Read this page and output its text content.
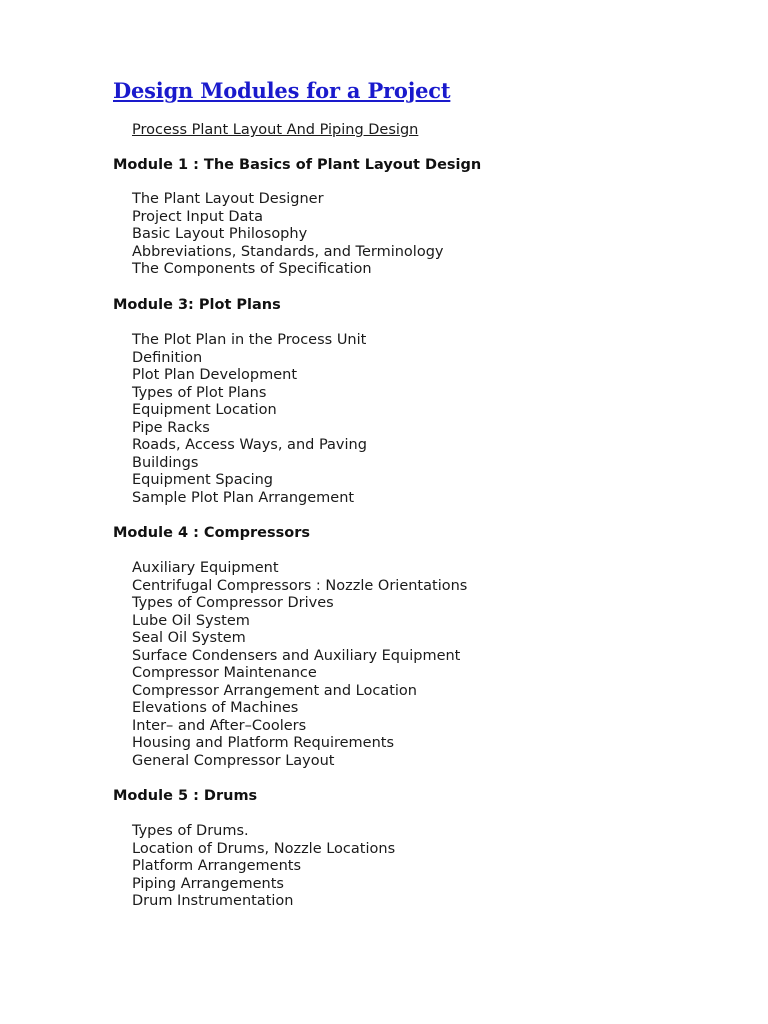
Design Modules for a Project
Process Plant Layout And Piping Design
Module 1 : The Basics of Plant Layout Design
The Plant Layout Designer
Project Input Data
Basic Layout Philosophy
Abbreviations, Standards, and Terminology
The Components of Specification
Module 3: Plot Plans
The Plot Plan in the Process Unit
Definition
Plot Plan Development
Types of Plot Plans
Equipment Location
Pipe Racks
Roads, Access Ways, and Paving
Buildings
Equipment Spacing
Sample Plot Plan Arrangement
Module 4 : Compressors
Auxiliary Equipment
Centrifugal Compressors : Nozzle Orientations
Types of Compressor Drives
Lube Oil System
Seal Oil System
Surface Condensers and Auxiliary Equipment
Compressor Maintenance
Compressor Arrangement and Location
Elevations of Machines
Inter– and After–Coolers
Housing and Platform Requirements
General Compressor Layout
Module 5 : Drums
Types of Drums.
Location of Drums, Nozzle Locations
Platform Arrangements
Piping Arrangements
Drum Instrumentation
